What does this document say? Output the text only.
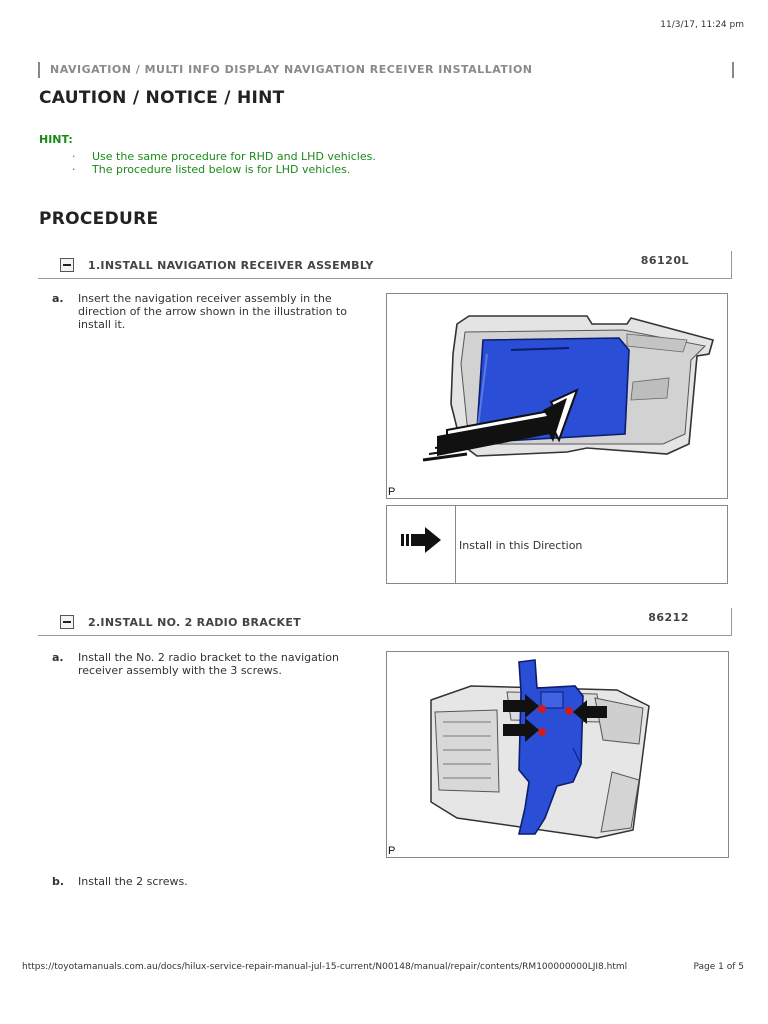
11/3/17, 11:24 pm
NAVIGATION / MULTI INFO DISPLAY NAVIGATION RECEIVER INSTALLATION
CAUTION / NOTICE / HINT
HINT:
· Use the same procedure for RHD and LHD vehicles.
· The procedure listed below is for LHD vehicles.
PROCEDURE
1.INSTALL NAVIGATION RECEIVER ASSEMBLY	86120L
a. Insert the navigation receiver assembly in the direction of the arrow shown in the illustration to install it.
P
Install in this Direction
2.INSTALL NO. 2 RADIO BRACKET	86212
a. Install the No. 2 radio bracket to the navigation receiver assembly with the 3 screws.
P
b. Install the 2 screws.
https://toyotamanuals.com.au/docs/hilux-service-repair-manual-jul-15-current/N00148/manual/repair/contents/RM100000000LJI8.html	Page 1 of 5
